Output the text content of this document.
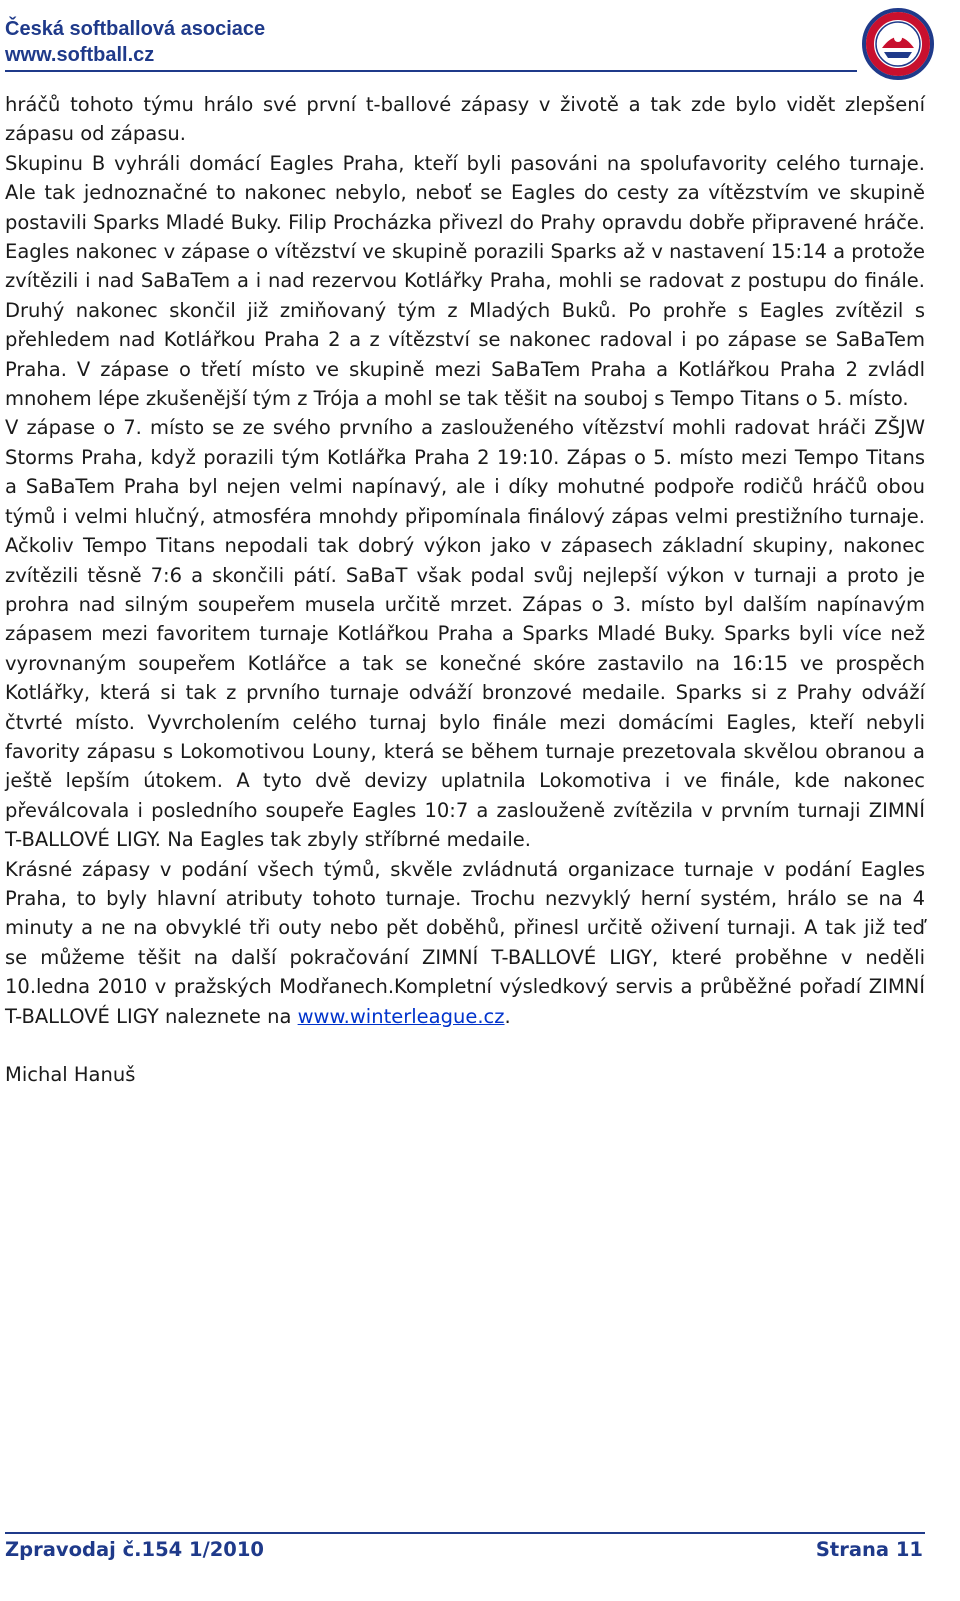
Česká softballová asociace
www.softball.cz

hráčů tohoto týmu hrálo své první t-ballové zápasy v životě a tak zde bylo vidět zlepšení zápasu od zápasu.

Skupinu B vyhráli domácí Eagles Praha, kteří byli pasováni na spolufavority celého turnaje. Ale tak jednoznačné to nakonec nebylo, neboť se Eagles do cesty za vítězstvím ve skupině postavili Sparks Mladé Buky. Filip Procházka přivezl do Prahy opravdu dobře připravené hráče. Eagles nakonec v zápase o vítězství ve skupině porazili Sparks až v nastavení 15:14 a protože zvítězili i nad SaBaTem a i nad rezervou Kotlářky Praha, mohli se radovat z postupu do finále. Druhý nakonec skončil již zmiňovaný tým z Mladých Buků. Po prohře s Eagles zvítězil s přehledem nad Kotlářkou Praha 2 a z vítězství se nakonec radoval i po zápase se SaBaTem Praha. V zápase o třetí místo ve skupině mezi SaBaTem Praha a Kotlářkou Praha 2 zvládl mnohem lépe zkušenější tým z Trója a mohl se tak těšit na souboj s Tempo Titans o 5. místo.

V zápase o 7. místo se ze svého prvního a zaslouženého vítězství mohli radovat hráči ZŠJW Storms Praha, když porazili tým Kotlářka Praha 2 19:10. Zápas o 5. místo mezi Tempo Titans a SaBaTem Praha byl nejen velmi napínavý, ale i díky mohutné podpoře rodičů hráčů obou týmů i velmi hlučný, atmosféra mnohdy připomínala finálový zápas velmi prestižního turnaje. Ačkoliv Tempo Titans nepodali tak dobrý výkon jako v zápasech základní skupiny, nakonec zvítězili těsně 7:6 a skončili pátí. SaBaT však podal svůj nejlepší výkon v turnaji a proto je prohra nad silným soupeřem musela určitě mrzet. Zápas o 3. místo byl dalším napínavým zápasem mezi favoritem turnaje Kotlářkou Praha a Sparks Mladé Buky. Sparks byli více než vyrovnaným soupeřem Kotlářce a tak se konečné skóre zastavilo na 16:15 ve prospěch Kotlářky, která si tak z prvního turnaje odváží bronzové medaile. Sparks si z Prahy odváží čtvrté místo. Vyvrcholením celého turnaj bylo finále mezi domácími Eagles, kteří nebyli favority zápasu s Lokomotivou Louny, která se během turnaje prezetovala skvělou obranou a ještě lepším útokem. A tyto dvě devizy uplatnila Lokomotiva i ve finále, kde nakonec převálcovala i posledního soupeře Eagles 10:7 a zaslouženě zvítězila v prvním turnaji ZIMNÍ T-BALLOVÉ LIGY. Na Eagles tak zbyly stříbrné medaile.

Krásné zápasy v podání všech týmů, skvěle zvládnutá organizace turnaje v podání Eagles Praha, to byly hlavní atributy tohoto turnaje. Trochu nezvyklý herní systém, hrálo se na 4 minuty a ne na obvyklé tři outy nebo pět doběhů, přinesl určitě oživení turnaji. A tak již teď se můžeme těšit na další pokračování ZIMNÍ T-BALLOVÉ LIGY, které proběhne v neděli 10.ledna 2010 v pražských Modřanech.Kompletní výsledkový servis a průběžné pořadí ZIMNÍ T-BALLOVÉ LIGY naleznete na www.winterleague.cz.

Michal Hanuš

Zpravodaj č.154 1/2010	Strana 11
